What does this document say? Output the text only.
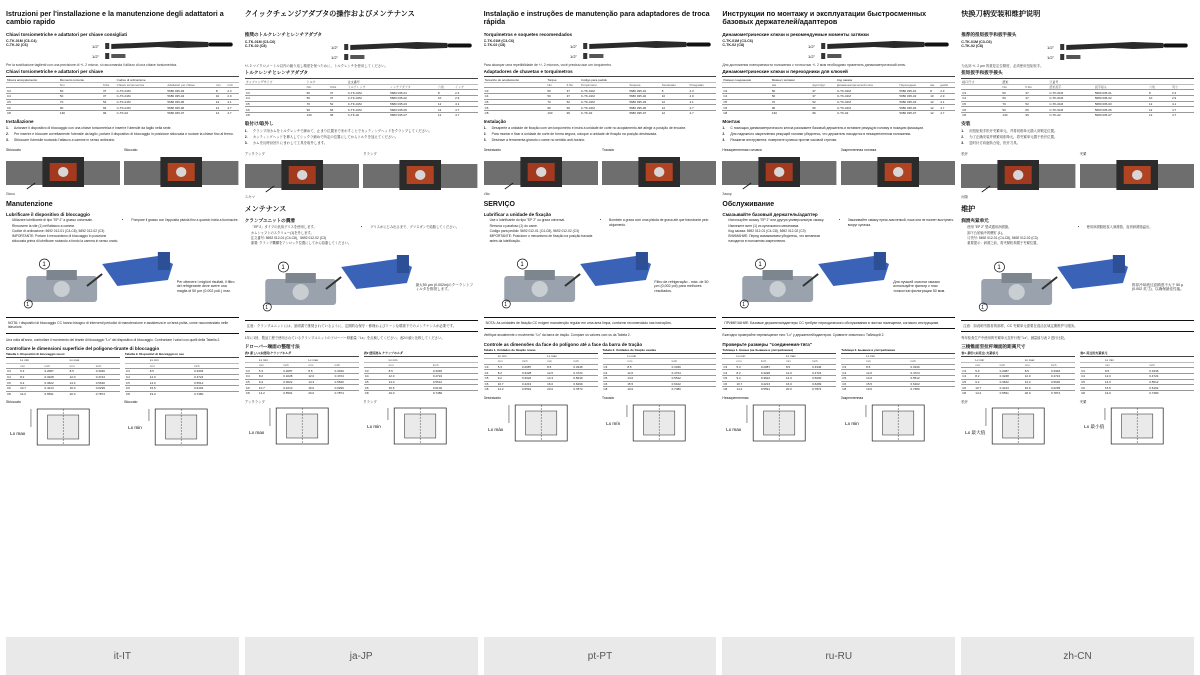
Istruzioni per l'installazione e la manutenzione degli adattatori a cambio rapido
Chiavi torsiometriche e adattatori per chiave consigliati
C-TK-01M (C3-C4)
C-TK-02 (C6)	1/2"
1/2"
Per la sostituzione taglienti con una precisione di +/- 2 micron, si raccomanda l'utilizzo di una chiave torsiometrica.
Chiavi torsiometriche e adattatori per chiave
Misura accoppiamento	Momento torcente		Codice di ordinazione			
	Nm	ft.lbs	Chiave torsiometrica	Adattatori per chiave	mm	inch
C3	50	37	C-TK-01M	5680 035-03	8	2.3
C4	50	37	C-TK-01M	5680 035-04	10	2.9
C5	70	52	C-TK-01M	5680 035-05	12	4.1
C6	90	66	C-TK-01M	5680 035-06	12	4.7
C8	130	96	C-TK-02	5680 035-07	12	4.7
Installazione
1.	Azionare il dispositivo di bloccaggio con una chiave torsiometrica e inserire l'utensile da taglio nella sede.
2.	Per inserire e bloccare correttamente l'utensile da taglio, portare il dispositivo di bloccaggio in posizione sbloccata e ruotare la chiave fino al fermo.
3.	Sbloccare l'utensile ruotando l'attacco a camme in senso antiorario.
Sbloccato	Bloccato
Gioco
Manutenzione
Lubrificare il dispositivo di bloccaggio
• Utilizzare lubrificante di tipo "EP 2" a grasso universale.
• Rimuovere la vite (1) nell'attacco a camme.
• Codice di ordinazione: 5692 012-01 (C4-C8), 5692 012-02 (C3)
• IMPORTANTE: Portare il meccanismo di bloccaggio in posizione sbloccata prima di lubrificare ruotando a fondo la camma in senso orario.
• Pompare il grasso con l'apposita pistola fino a quando inizia a fuoriuscire.
1
1
Per ottenere i migliori risultati, il filtro del refrigerante deve avere una maglia di 50 µm (0.002 poll.) max.
NOTA: i dispositivi di bloccaggio CC hanno bisogno di interventi periodici di manutenzione e assistenza in un'area pulita, come raccomandato nelle istruzioni.
Una volta all'anno, controllare il movimento del tirante di bloccaggio "Lx" del dispositivo di bloccaggio. Confrontare i valori con quelli della Tabella 2.
Controllare le dimensioni superficie del poligono-tirante di bloccaggio
Tabella 1. Dispositivi di bloccaggio nuovi
	Lx min		Lx max	
	mm	inch	mm	inch
C3	5.3	0.2087	8.5	0.3346
C4	8.2	0.3228	12.0	0.4724
C5	9.2	0.3622	14.3	0.5630
C6	10.7	0.4213	16.0	0.6299
C8	14.2	0.5591	20.0	0.7874
Tabella 2. Dispositivi di bloccaggio in uso
	Lx min	
	mm	inch
C3	8.5	0.3346
C4	12.0	0.4724
C5	14.0	0.5512
C6	15.5	0.6102
C8	19.0	0.7480
Sbloccato
Lx max
Bloccato
Lx min
it-IT
クイックチェンジアダプタの操作およびメンテナンス
推奨のトルクレンチとレンチアダプタ
C-TK-01M (C3-C6)
C-TK-02 (C8)	1/2"
1/2"
+/- 2 マイクロメートル以内の繰り返し精度を保つために、トルクレンチを使用してください。
トルクレンチとレンチアダプタ
カップリングサイズ	トルク		注文番号			
	Nm	ft.lbs	トルクレンチ	レンチアダプタ	六角	インチ
C3	50	37	C-TK-01M	5680 035-01	8	2.3
C4	50	37	C-TK-01M	5680 035-02	10	2.9
C5	70	52	C-TK-01M	5680 035-03	12	4.1
C6	90	66	C-TK-01M	5680 035-06	12	4.7
C8	130	96	C-TK-02	5680 035-07	12	4.7
取付け/取外し
1.	クランプ用カムをトルクレンチで締めて、止まり位置までまわすことでカッティングヘッドをクランプしてください。
2.	カッティングヘッドを挿入してシックラ締めで所定の位置にしてからトルクを加えてください。
3.	カムを反時計回りにまわして工具を取外します。
アンクランプ	クランプ
スキマ
メンテナンス
クランプユニットの潤滑
• 「EP 2」タイプの汎用グリスを使用します。
• カムシャフトのスクリュー(1)を外します。
• 注文番号: 5692 012-01 (C4-C8)、5692 012-02 (C3)
• 重要: クランプ機構をアンロック位置にしてから給脂してください。
• グリスがにじみ出るまで、グリスガンで給脂してください。
1
1
最大50 µm (0.002in)のクーラントフィルタを推奨します。
注意：クランプユニットには、説明書で推奨されているように、定期的な保守・修理およびリーンな環境下でのメンテナンスが必要です。
1年に1回、製品工程で使用されているクランプユニットのドローバー移動量「Lx」を点検してください。表2の値と比較してください。
ドローバー端面の整理寸法
表1 新しい(未使用)クランプホルダ
	Lx min		Lx max	
	mm	inch	mm	inch
C3	5.3	0.2087	8.5	0.3346
C4	8.2	0.3228	12.0	0.4724
C5	9.2	0.3622	14.3	0.5630
C6	10.7	0.4213	16.0	0.6299
C8	14.2	0.5591	20.0	0.7874
表2 使用済み クランプホルダ
	Lx min	
	mm	inch
C3	8.5	0.3346
C4	12.0	0.4724
C5	14.0	0.5512
C6	15.5	0.6102
C8	19.0	0.7480
アンクランプ
Lx max
クランプ
Lx min
ja-JP
Instalação e instruções de manutenção para adaptadores de troca rápida
Torquímetros e soquetes recomendados
C-TK-01M (C3-C6)
C-TK-02 (C8)	1/2"
1/2"
Para alcançar uma repetibilidade de +/- 2 mícrons, você precisa usar um torquímetro.
Adaptadores de chavetas e torquímetros
Tamanho do acoplamento	Torque		Código para pedido			
	Nm	ft.lbs	Torquímetro	Soquete	Sextavado	Polegadas
C3	50	37	C-TK-01M	5680 035-01	8	2.3
C4	50	37	C-TK-01M	5680 035-02	10	2.9
C5	70	52	C-TK-01M	5680 035-03	12	4.1
C6	90	66	C-TK-01M	5680 035-06	12	4.7
C8	130	96	C-TK-02	5680 035-07	12	4.7
Instalação
1.	Desaperte a unidade de fixação com um torquímetro e insira a unidade de corte no acoplamento até atingir a posição de encaixe.
2.	Para montar e fixar a unidade de corte de forma segura, coloque a unidade de fixação na posição destravada.
3.	Destrave a ferramenta girando o came no sentido anti-horário.
Destravado	Travado
Vão
SERVIÇO
Lubrificar a unidade de fixação
• Use o lubrificante do tipo "EP 2" ou graxa universal.
• Remova o parafuso (1) do came.
• Código para pedido: 5692 012-01 (C4-C8), 5692 012-02 (C3)
• IMPORTANTE: Posicione o mecanismo de fixação na posição travada antes da lubrificação.
• Bombeie a graxa com uma pistola de graxa até que transborde pelo alojamento.
1
1
Filtro de refrigeração - máx. de 50 µm (0,002 pol) para melhores resultados.
NOTA: As unidades de fixação CC exigem manutenção regular em uma área limpa, conforme recomendado nas instruções.
Verifique anualmente o movimento "Lx" da barra de tração. Compare os valores com os da Tabela 2.
Controle as dimensões da face do polígono até a face da barra de tração
Tabela 1. Unidades de fixação novas
	Lx min		Lx max	
	mm	inch	mm	inch
C3	5.3	0.2087	8.5	0.3346
C4	8.2	0.3228	12.0	0.4724
C5	9.2	0.3622	14.3	0.5630
C6	10.7	0.4213	16.0	0.6299
C8	14.2	0.5591	20.0	0.7874
Tabela 2. Unidades de fixação usadas
	Lx min	
	mm	inch
C3	8.5	0.3346
C4	12.0	0.4724
C5	14.0	0.5512
C6	15.5	0.6102
C8	19.0	0.7480
Destravado
Lx máx
Travado
Lx mín
pt-PT
Инструкции по монтажу и эксплуатации быстросменных базовых держателей/адаптеров
Динамометрические ключи и рекомендуемые моменты затяжки
C-TK-01M (C3-C6)
C-TK-02 (C8)	1/2"
1/2"
Для достижения повторяемости положения с точностью +/- 2 мкм необходимо применять динамометрический ключ.
Динамометрические ключи и переходники для ключей
Размер соединения	Момент затяжки		Код заказа			
	Нм	фунт/фут	Динамометрический ключ	Переходник	мм	дюйм
C3	50	37	C-TK-01M	5680 035-01	8	2.3
C4	50	37	C-TK-01M	5680 035-02	10	2.9
C5	70	52	C-TK-01M	5680 035-03	12	4.1
C6	90	66	C-TK-01M	5680 035-06	12	4.7
C8	130	96	C-TK-02	5680 035-07	12	4.7
Монтаж
1.	С помощью динамометрического ключа разожмите базовый держатель и вставьте режущую головку в позицию фиксации.
2.	Для надежного закрепления режущей головки убедитесь, что держатель находится в незакрепленном положении.
3.	Разжатие инструмента: поверните кулачок против часовой стрелки.
Незакрепленная головка	Закрепленная головка
Зазор
Обслуживание
Смазывайте базовый держатель/адаптер
• Используйте смазку "EP 2" или другую универсальную смазку.
• Извлеките винт (1) из кулачкового механизма.
• Код заказа: 5692 012-01 (C4-C8), 5692 012-02 (C3)
• ВНИМАНИЕ: Перед смазыванием убедитесь, что механизм находится в положении закрепления.
• Закачивайте смазку пресс-масленкой, пока она не начнет выступать вокруг кулачка.
1
1
Для лучшей очистки смазки используйте фильтр с max тонкостью фильтрации 50 мкм.
ПРИМЕЧАНИЕ: Базовые держатели/адаптеры CC требуют периодического обслуживания в чистом помещении, согласно инструкциям.
Ежегодно проверяйте перемещение тяги "Lx" у держателей/адаптеров. Сравните значения с Таблицей 2.
Проверьте размеры "соединения-тяга"
Таблица 1. Новые (не бывшие в употреблении)
	Lx min		Lx max	
	mm	inch	mm	inch
C3	5.3	0.2087	8.5	0.3346
C4	8.2	0.3228	12.0	0.4724
C5	9.2	0.3622	14.3	0.5630
C6	10.7	0.4213	16.0	0.6299
C8	14.2	0.5591	20.0	0.7874
Таблица 2. Бывшие в употреблении
	Lx min	
	mm	inch
C3	8.5	0.3346
C4	12.0	0.4724
C5	14.0	0.5512
C6	15.5	0.6102
C8	19.0	0.7480
Незакрепленная
Lx max
Закрепленная
Lx min
ru-RU
快换刀柄安装和维护说明
推荐的扭矩扳手和扳手接头
C-TK-01M (C3-C6)
C-TK-02 (C8)	1/2"
1/2"
为达到 +/- 2 µm 的重复定位精度，必须使用扭矩扳手。
扭矩扳手和扳手接头
接口尺寸	扭矩		订货号			
	Nm	ft.lbs	扭矩扳手	扳手接头	六角	英寸
C3	50	37	C-TK-01M	5680 035-01	8	2.3
C4	50	37	C-TK-01M	5680 035-02	10	2.9
C5	70	52	C-TK-01M	5680 035-03	12	4.1
C6	90	66	C-TK-01M	5680 035-06	12	4.7
C8	130	96	C-TK-02	5680 035-07	12	4.7
安装
1.	用扭矩扳手松开夹紧单元，并将切削单元插入到锁定位置。
2.	为了正确安装并锁紧切削单元，将夹紧单元置于松开位置。
3.	逆时针方向旋转凸轮，松开刀具。
松开	夹紧
间隙
维护
润滑夹紧单元
• 使用 "EP 2" 型或通用润滑脂。
• 卸下凸轮轴中的螺钉 (1)。
• 订货号: 5692 012-01 (C4-C8), 5692 012-02 (C3)
• 重要提示：润滑之前，将夹紧机构置于夹紧位置。
• 使用润滑脂枪泵入润滑脂，直到润滑脂溢出。
1
1
推荐冷却液过滤精度不大于 50 µ (0.002 英寸)，以确保最佳性能。
注意：如说明书推荐的那样，CC 夹紧单元需要在清洁区域定期维护与服务。
每年检查生产中使用的夹紧单元拉杆行程 "Lx"。测量值与表 2 进行比较。
三棱锥面至拉杆端面的距离尺寸
表1. 新的 (未用过) 夹紧单元
	Lx min		Lx max	
	mm	inch	mm	inch
C3	5.3	0.2087	8.5	0.3346
C4	8.2	0.3228	12.0	0.4724
C5	9.2	0.3622	14.3	0.5630
C6	10.7	0.4213	16.0	0.6299
C8	14.2	0.5591	20.0	0.7874
表2. 用过的夹紧单元
	Lx min	
	mm	inch
C3	8.5	0.3346
C4	12.0	0.4724
C5	14.0	0.5512
C6	15.5	0.6102
C8	19.0	0.7480
松开
Lx 最大值
夹紧
Lx 最小值
zh-CN
